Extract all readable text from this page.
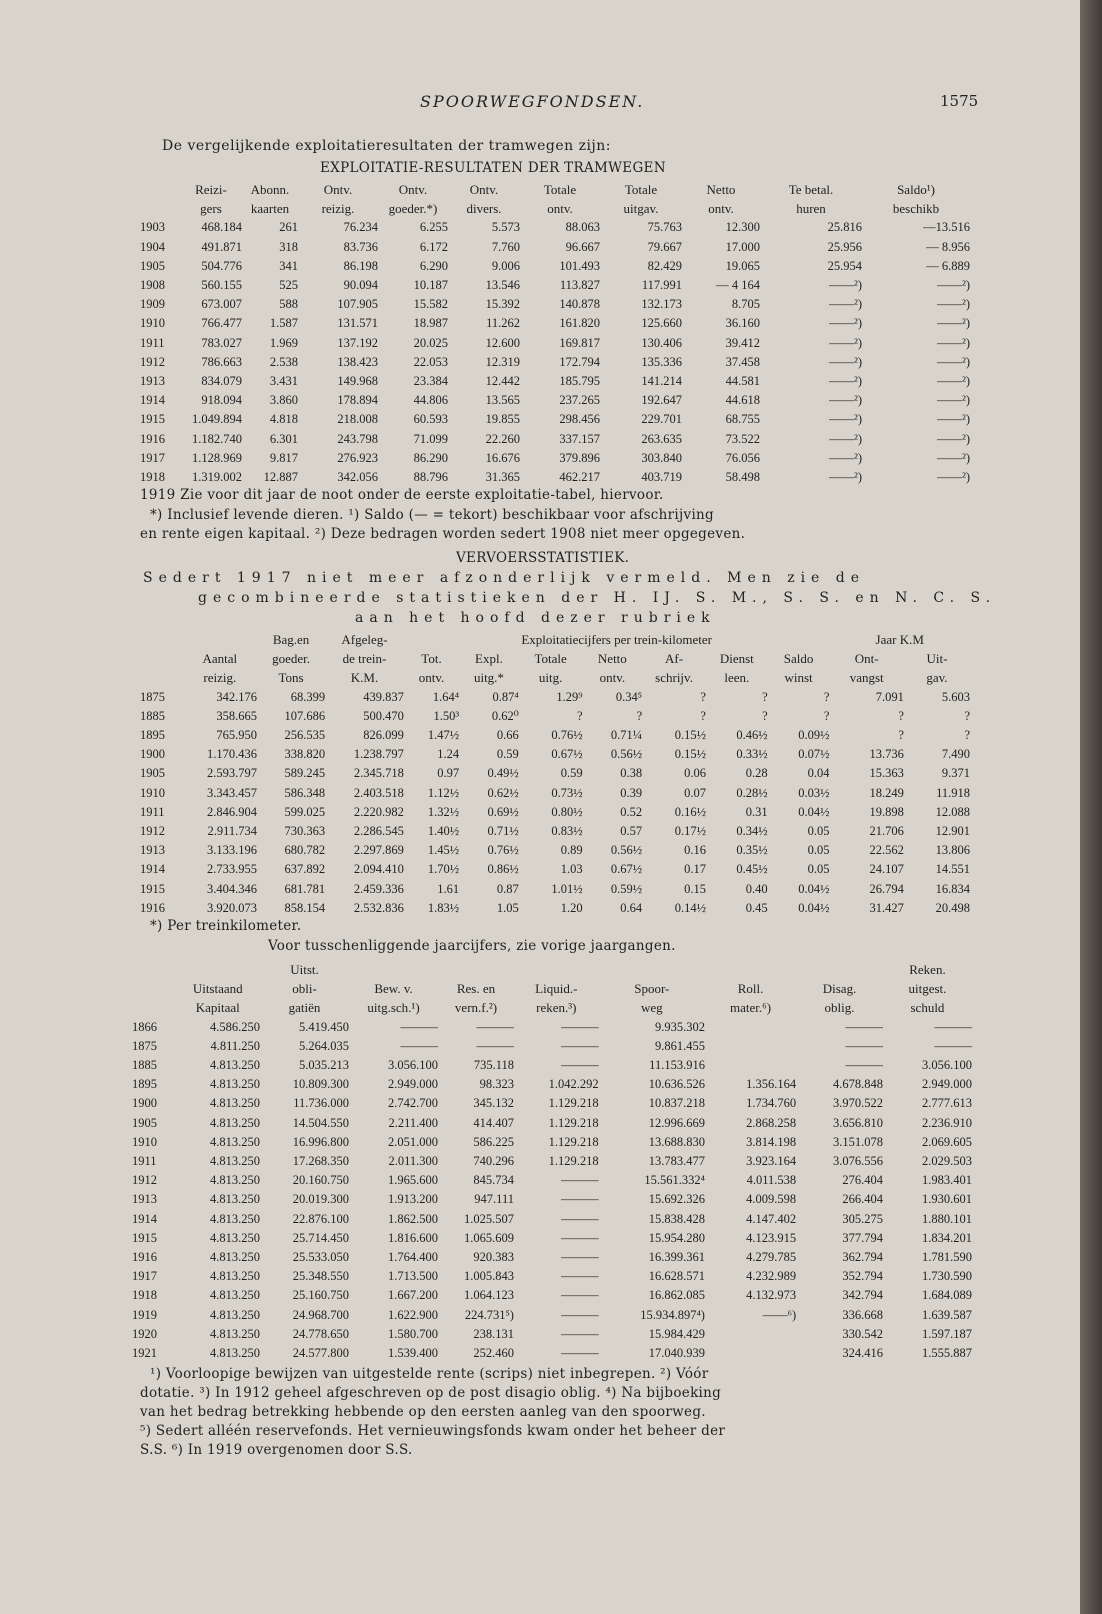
SPOORWEGFONDSEN.	1575
De vergelijkende exploitatieresultaten der tramwegen zijn:
EXPLOITATIE-RESULTATEN DER TRAMWEGEN
	Reizi-	Abonn.	Ontv.	Ontv.	Ontv.	Totale	Totale	Netto	Te betal.	Saldo¹)
	gers	kaarten	reizig.	goeder.*)	divers.	ontv.	uitgav.	ontv.	huren	beschikb
1903	468.184	261	76.234	6.255	5.573	88.063	75.763	12.300	25.816	—13.516
1904	491.871	318	83.736	6.172	7.760	96.667	79.667	17.000	25.956	— 8.956
1905	504.776	341	86.198	6.290	9.006	101.493	82.429	19.065	25.954	— 6.889
1908	560.155	525	90.094	10.187	13.546	113.827	117.991	— 4 164	——²)	——²)
1909	673.007	588	107.905	15.582	15.392	140.878	132.173	8.705	——²)	——²)
1910	766.477	1.587	131.571	18.987	11.262	161.820	125.660	36.160	——²)	——²)
1911	783.027	1.969	137.192	20.025	12.600	169.817	130.406	39.412	——²)	——²)
1912	786.663	2.538	138.423	22.053	12.319	172.794	135.336	37.458	——²)	——²)
1913	834.079	3.431	149.968	23.384	12.442	185.795	141.214	44.581	——²)	——²)
1914	918.094	3.860	178.894	44.806	13.565	237.265	192.647	44.618	——²)	——²)
1915	1.049.894	4.818	218.008	60.593	19.855	298.456	229.701	68.755	——²)	——²)
1916	1.182.740	6.301	243.798	71.099	22.260	337.157	263.635	73.522	——²)	——²)
1917	1.128.969	9.817	276.923	86.290	16.676	379.896	303.840	76.056	——²)	——²)
1918	1.319.002	12.887	342.056	88.796	31.365	462.217	403.719	58.498	——²)	——²)
1919 Zie voor dit jaar de noot onder de eerste exploitatie-tabel, hiervoor.
*) Inclusief levende dieren. ¹) Saldo (— = tekort) beschikbaar voor afschrijving
en rente eigen kapitaal. ²) Deze bedragen worden sedert 1908 niet meer opgegeven.
VERVOERSSTATISTIEK.
Sedert 1917 niet meer afzonderlijk vermeld. Men zie de
gecombineerde statistieken der H. IJ. S. M., S. S. en N. C. S.
aan het hoofd dezer rubriek
		Bag.en	Afgeleg-	Exploitatiecijfers per trein-kilometer							Jaar K.M	
	Aantal	goeder.	de trein-	Tot.	Expl.	Totale	Netto	Af-	Dienst	Saldo	Ont-	Uit-
	reizig.	Tons	K.M.	ontv.	uitg.*	uitg.	ontv.	schrijv.	leen.	winst	vangst	gav.
1875	342.176	68.399	439.837	1.64⁴	0.87⁴	1.29⁹	0.34⁵	?	?	?	7.091	5.603
1885	358.665	107.686	500.470	1.50³	0.62⁰	?	?	?	?	?	?	?
1895	765.950	256.535	826.099	1.47½	0.66	0.76½	0.71¼	0.15½	0.46½	0.09½	?	?
1900	1.170.436	338.820	1.238.797	1.24	0.59	0.67½	0.56½	0.15½	0.33½	0.07½	13.736	7.490
1905	2.593.797	589.245	2.345.718	0.97	0.49½	0.59	0.38	0.06	0.28	0.04	15.363	9.371
1910	3.343.457	586.348	2.403.518	1.12½	0.62½	0.73½	0.39	0.07	0.28½	0.03½	18.249	11.918
1911	2.846.904	599.025	2.220.982	1.32½	0.69½	0.80½	0.52	0.16½	0.31	0.04½	19.898	12.088
1912	2.911.734	730.363	2.286.545	1.40½	0.71½	0.83½	0.57	0.17½	0.34½	0.05	21.706	12.901
1913	3.133.196	680.782	2.297.869	1.45½	0.76½	0.89	0.56½	0.16	0.35½	0.05	22.562	13.806
1914	2.733.955	637.892	2.094.410	1.70½	0.86½	1.03	0.67½	0.17	0.45½	0.05	24.107	14.551
1915	3.404.346	681.781	2.459.336	1.61	0.87	1.01½	0.59½	0.15	0.40	0.04½	26.794	16.834
1916	3.920.073	858.154	2.532.836	1.83½	1.05	1.20	0.64	0.14½	0.45	0.04½	31.427	20.498
*) Per treinkilometer.
Voor tusschenliggende jaarcijfers, zie vorige jaargangen.
		Uitst.							Reken.
	Uitstaand	obli-	Bew. v.	Res. en	Liquid.-	Spoor-	Roll.	Disag.	uitgest.
	Kapitaal	gatiën	uitg.sch.¹)	vern.f.²)	reken.³)	weg	mater.⁶)	oblig.	schuld
1866	4.586.250	5.419.450	———	———	———	9.935.302		———	———
1875	4.811.250	5.264.035	———	———	———	9.861.455		———	———
1885	4.813.250	5.035.213	3.056.100	735.118	———	11.153.916		———	3.056.100
1895	4.813.250	10.809.300	2.949.000	98.323	1.042.292	10.636.526	1.356.164	4.678.848	2.949.000
1900	4.813.250	11.736.000	2.742.700	345.132	1.129.218	10.837.218	1.734.760	3.970.522	2.777.613
1905	4.813.250	14.504.550	2.211.400	414.407	1.129.218	12.996.669	2.868.258	3.656.810	2.236.910
1910	4.813.250	16.996.800	2.051.000	586.225	1.129.218	13.688.830	3.814.198	3.151.078	2.069.605
1911	4.813.250	17.268.350	2.011.300	740.296	1.129.218	13.783.477	3.923.164	3.076.556	2.029.503
1912	4.813.250	20.160.750	1.965.600	845.734	———	15.561.332⁴	4.011.538	276.404	1.983.401
1913	4.813.250	20.019.300	1.913.200	947.111	———	15.692.326	4.009.598	266.404	1.930.601
1914	4.813.250	22.876.100	1.862.500	1.025.507	———	15.838.428	4.147.402	305.275	1.880.101
1915	4.813.250	25.714.450	1.816.600	1.065.609	———	15.954.280	4.123.915	377.794	1.834.201
1916	4.813.250	25.533.050	1.764.400	920.383	———	16.399.361	4.279.785	362.794	1.781.590
1917	4.813.250	25.348.550	1.713.500	1.005.843	———	16.628.571	4.232.989	352.794	1.730.590
1918	4.813.250	25.160.750	1.667.200	1.064.123	———	16.862.085	4.132.973	342.794	1.684.089
1919	4.813.250	24.968.700	1.622.900	224.731⁵)	———	15.934.897⁴)	——⁶)	336.668	1.639.587
1920	4.813.250	24.778.650	1.580.700	238.131	———	15.984.429		330.542	1.597.187
1921	4.813.250	24.577.800	1.539.400	252.460	———	17.040.939		324.416	1.555.887
¹) Voorloopige bewijzen van uitgestelde rente (scrips) niet inbegrepen. ²) Vóór
dotatie. ³) In 1912 geheel afgeschreven op de post disagio oblig. ⁴) Na bijboeking
van het bedrag betrekking hebbende op den eersten aanleg van den spoorweg.
⁵) Sedert alléén reservefonds. Het vernieuwingsfonds kwam onder het beheer der
S.S. ⁶) In 1919 overgenomen door S.S.
